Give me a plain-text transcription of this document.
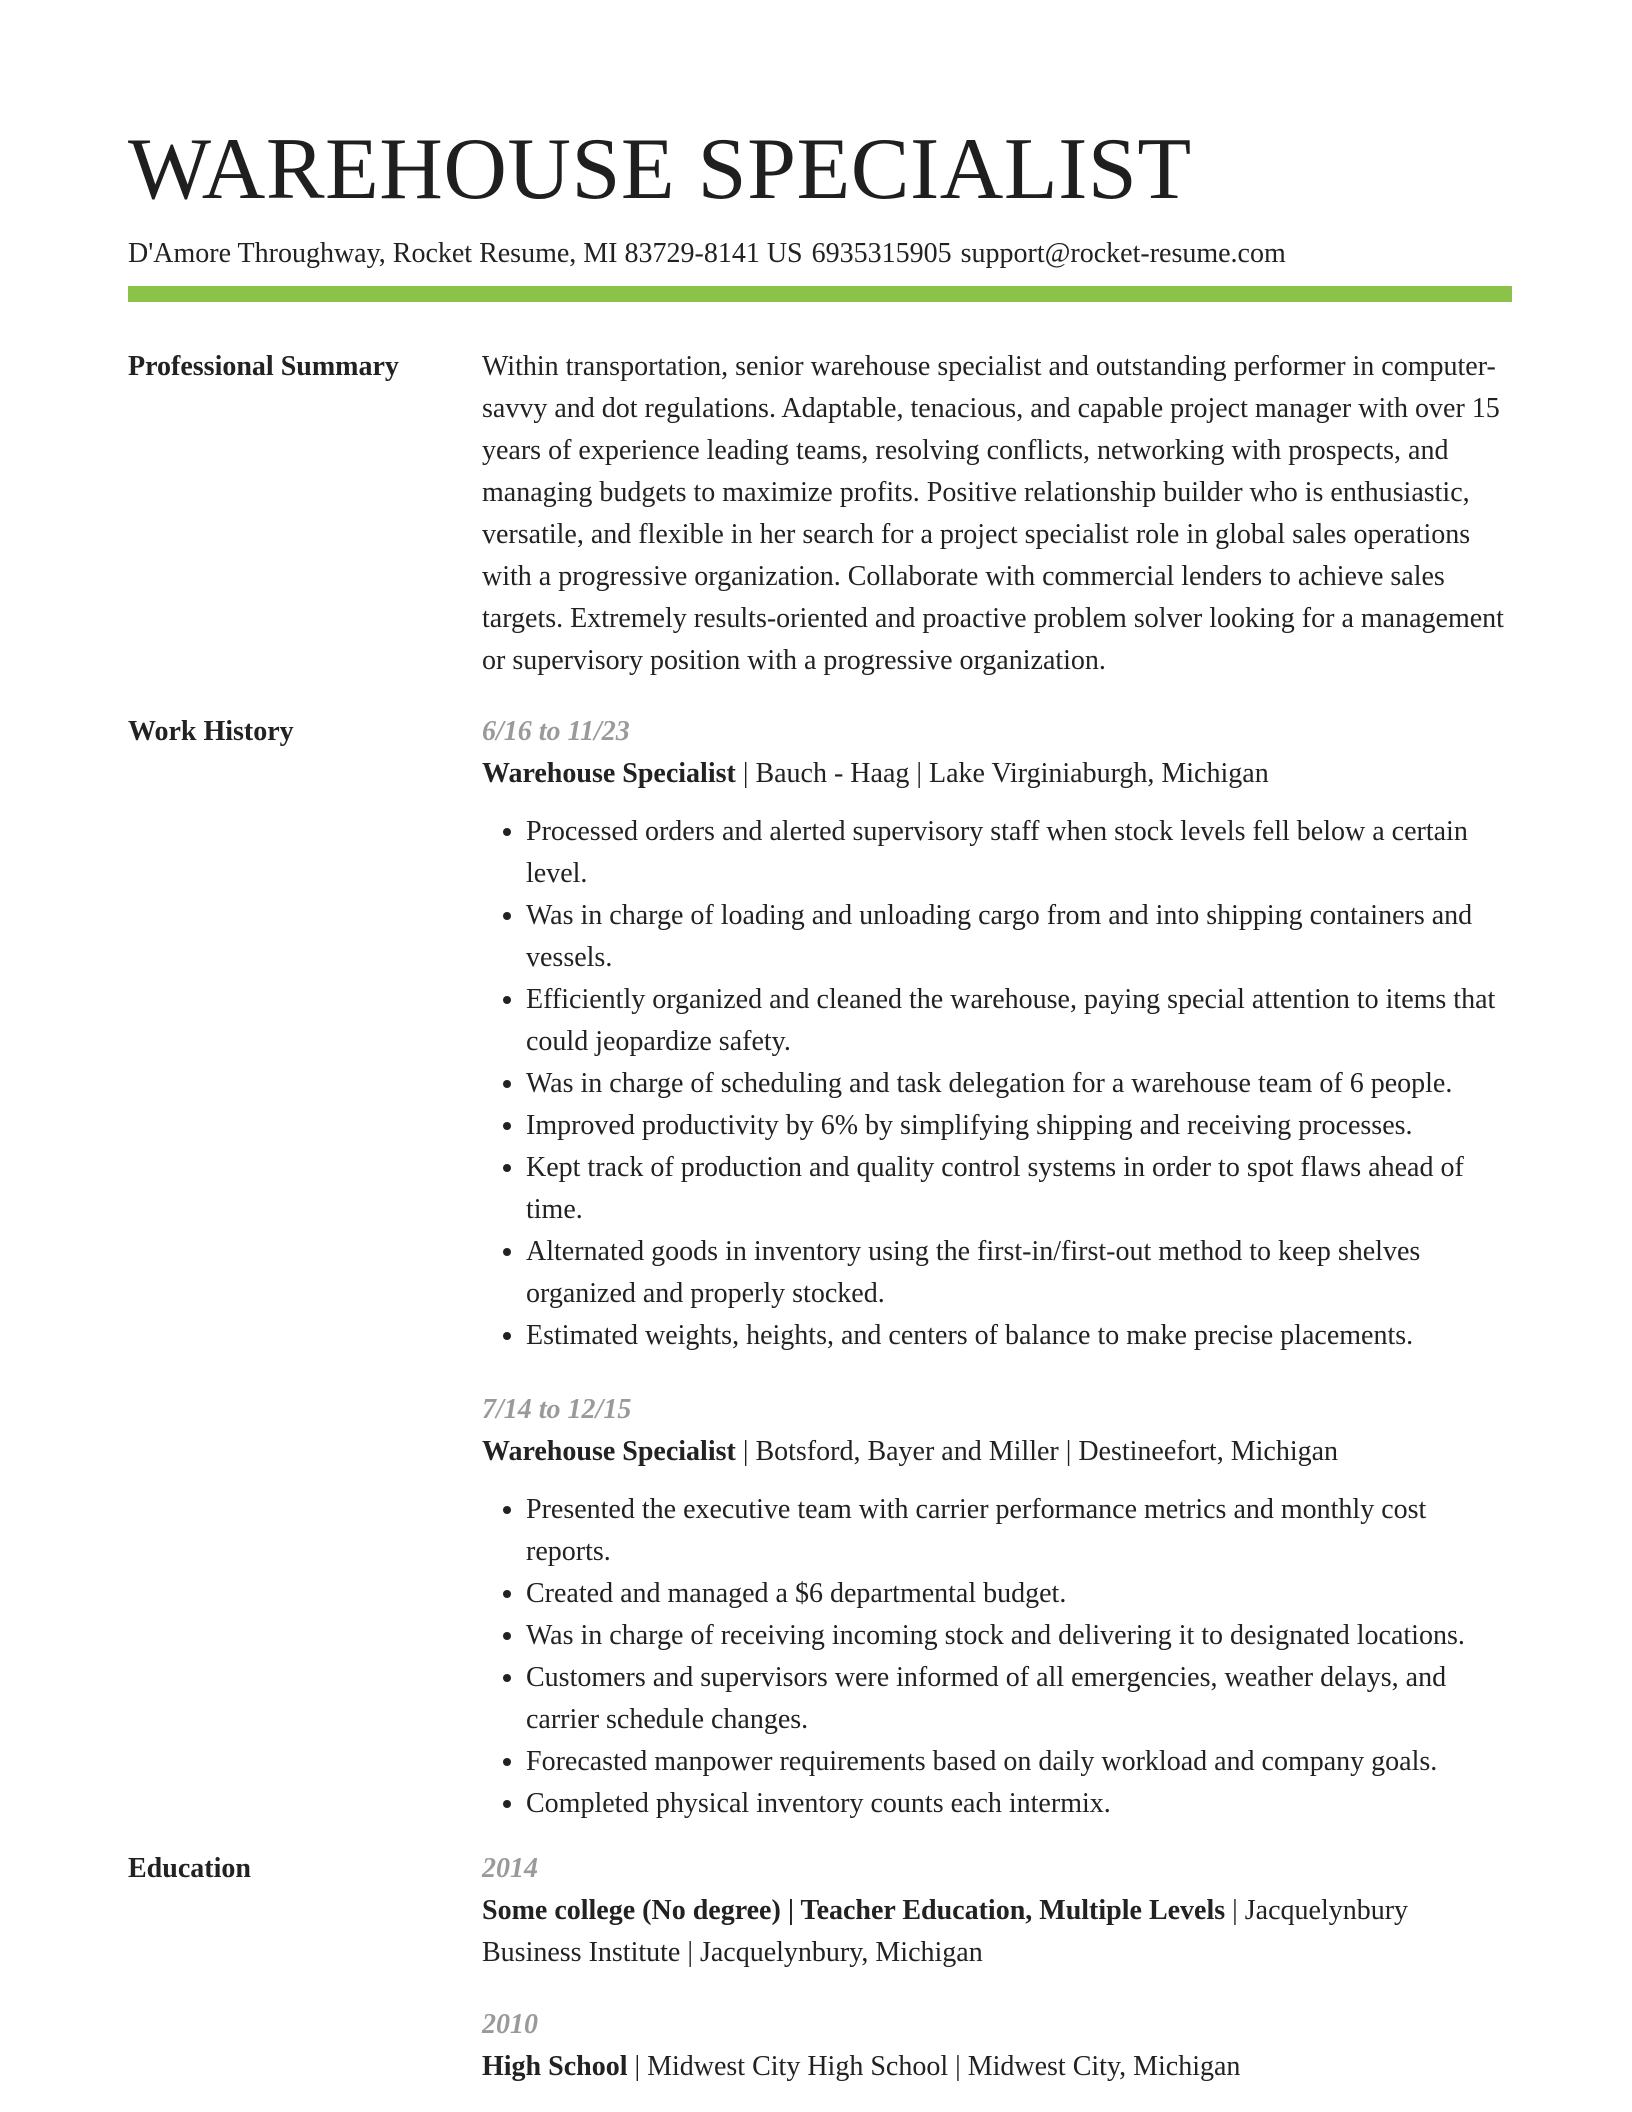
WAREHOUSE SPECIALIST
D'Amore Throughway, Rocket Resume, MI 83729-8141 US 6935315905 support@rocket-resume.com
Professional Summary	Within transportation, senior warehouse specialist and outstanding performer in computer-savvy and dot regulations. Adaptable, tenacious, and capable project manager with over 15 years of experience leading teams, resolving conflicts, networking with prospects, and managing budgets to maximize profits. Positive relationship builder who is enthusiastic, versatile, and flexible in her search for a project specialist role in global sales operations with a progressive organization. Collaborate with commercial lenders to achieve sales targets. Extremely results-oriented and proactive problem solver looking for a management or supervisory position with a progressive organization.

Work History	6/16 to 11/23
Warehouse Specialist | Bauch - Haag | Lake Virginiaburgh, Michigan
• Processed orders and alerted supervisory staff when stock levels fell below a certain level.
• Was in charge of loading and unloading cargo from and into shipping containers and vessels.
• Efficiently organized and cleaned the warehouse, paying special attention to items that could jeopardize safety.
• Was in charge of scheduling and task delegation for a warehouse team of 6 people.
• Improved productivity by 6% by simplifying shipping and receiving processes.
• Kept track of production and quality control systems in order to spot flaws ahead of time.
• Alternated goods in inventory using the first-in/first-out method to keep shelves organized and properly stocked.
• Estimated weights, heights, and centers of balance to make precise placements.
7/14 to 12/15
Warehouse Specialist | Botsford, Bayer and Miller | Destineefort, Michigan
• Presented the executive team with carrier performance metrics and monthly cost reports.
• Created and managed a $6 departmental budget.
• Was in charge of receiving incoming stock and delivering it to designated locations.
• Customers and supervisors were informed of all emergencies, weather delays, and carrier schedule changes.
• Forecasted manpower requirements based on daily workload and company goals.
• Completed physical inventory counts each intermix.
Education	2014
Some college (No degree) | Teacher Education, Multiple Levels | Jacquelynbury Business Institute | Jacquelynbury, Michigan
2010
High School | Midwest City High School | Midwest City, Michigan
